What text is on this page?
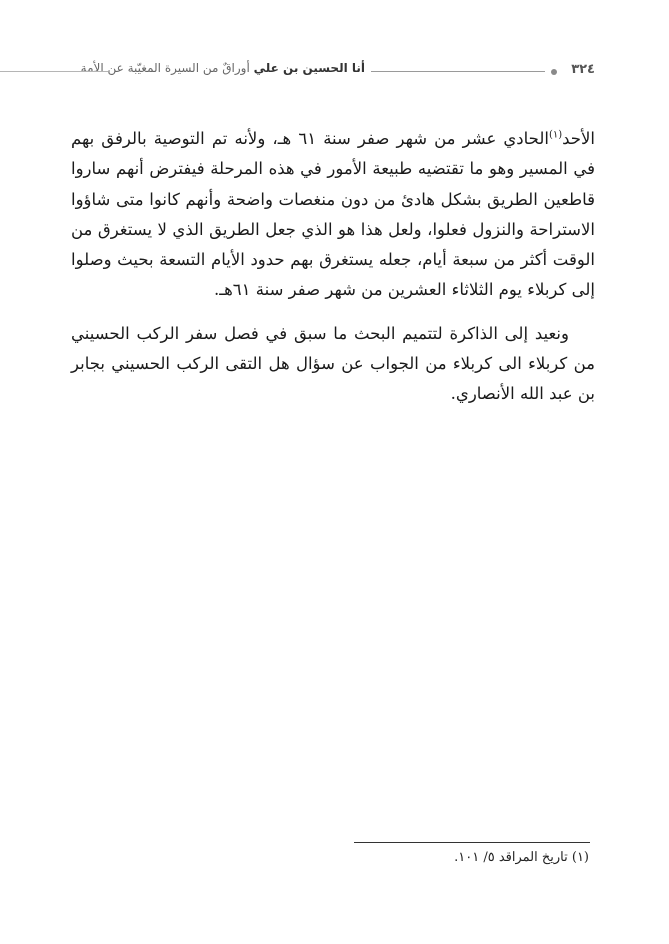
٣٢٤
أنا الحسين بن علي أوراقٌ من السيرة المغيّبة عن الأمة

الأحد$^{(١)}$الحادي عشر من شهر صفر سنة ٦١ هـ، ولأنه تم التوصية بالرفق بهم في المسير وهو ما تقتضيه طبيعة الأمور في هذه المرحلة فيفترض أنهم ساروا قاطعين الطريق بشكل هادئ من دون منغصات واضحة وأنهم كانوا متى شاؤوا الاستراحة والنزول فعلوا، ولعل هذا هو الذي جعل الطريق الذي لا يستغرق من الوقت أكثر من سبعة أيام، جعله يستغرق بهم حدود الأيام التسعة بحيث وصلوا إلى كربلاء يوم الثلاثاء العشرين من شهر صفر سنة ٦١هـ.

ونعيد إلى الذاكرة لتتميم البحث ما سبق في فصل سفر الركب الحسيني من كربلاء الى كربلاء من الجواب عن سؤال هل التقى الركب الحسيني بجابر بن عبد الله الأنصاري.

(١) تاريخ المراقد ٥/ ١٠١.
